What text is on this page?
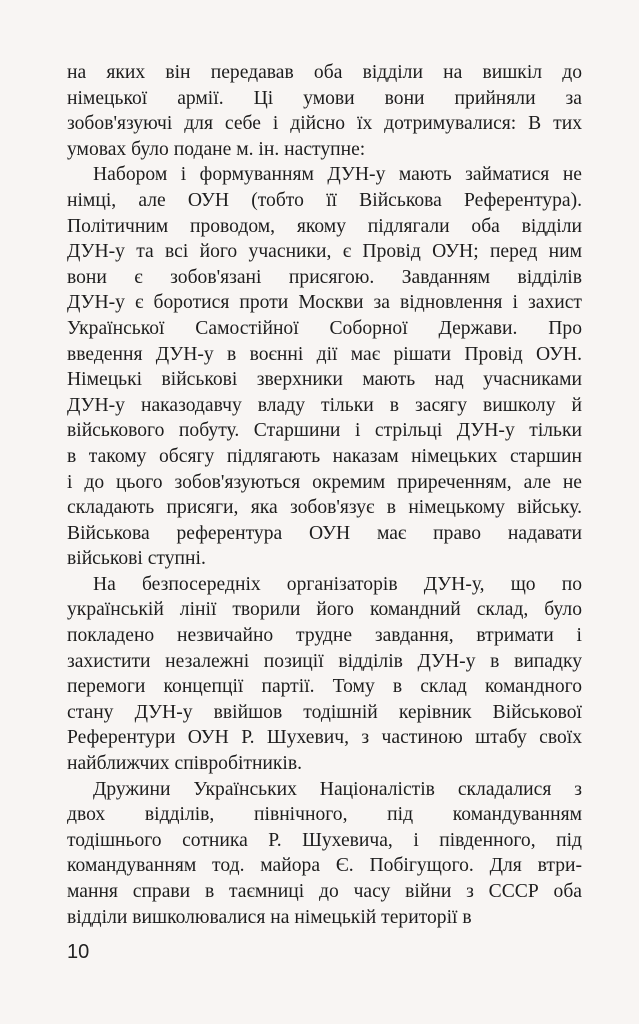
на яких він передавав оба відділи на вишкіл до
німецької армії. Ці умови вони прийняли за
зобов'язуючі для себе і дійсно їх дотримувалися: В тих
умовах було подане м. ін. наступне:
Набором і формуванням ДУН-у мають займатися не
німці, але ОУН (тобто її Військова Референтура).
Політичним проводом, якому підлягали оба відділи
ДУН-у та всі його учасники, є Провід ОУН; перед ним
вони є зобов'язані присягою. Завданням відділів
ДУН-у є боротися проти Москви за відновлення і захист
Української Самостійної Соборної Держави. Про
введення ДУН-у в воєнні дії має рішати Провід ОУН.
Німецькі військові зверхники мають над учасниками
ДУН-у наказодавчу владу тільки в засягу вишколу й
військового побуту. Старшини і стрільці ДУН-у тільки
в такому обсягу підлягають наказам німецьких старшин
і до цього зобов'язуються окремим приреченням, але не
складають присяги, яка зобов'язує в німецькому війську.
Військова референтура ОУН має право надавати
військові ступні.
На безпосередніх організаторів ДУН-у, що по
українській лінії творили його командний склад, було
покладено незвичайно трудне завдання, втримати і
захистити незалежні позиції відділів ДУН-у в випадку
перемоги концепції партії. Тому в склад командного
стану ДУН-у ввійшов тодішній керівник Військової
Референтури ОУН Р. Шухевич, з частиною штабу своїх
найближчих співробітників.
Дружини Українських Націоналістів складалися з
двох відділів, північного, під командуванням
тодішнього сотника Р. Шухевича, і південного, під
командуванням тод. майора Є. Побігущого. Для втри-
мання справи в таємниці до часу війни з СССР оба
відділи вишколювалися на німецькій території в
10
